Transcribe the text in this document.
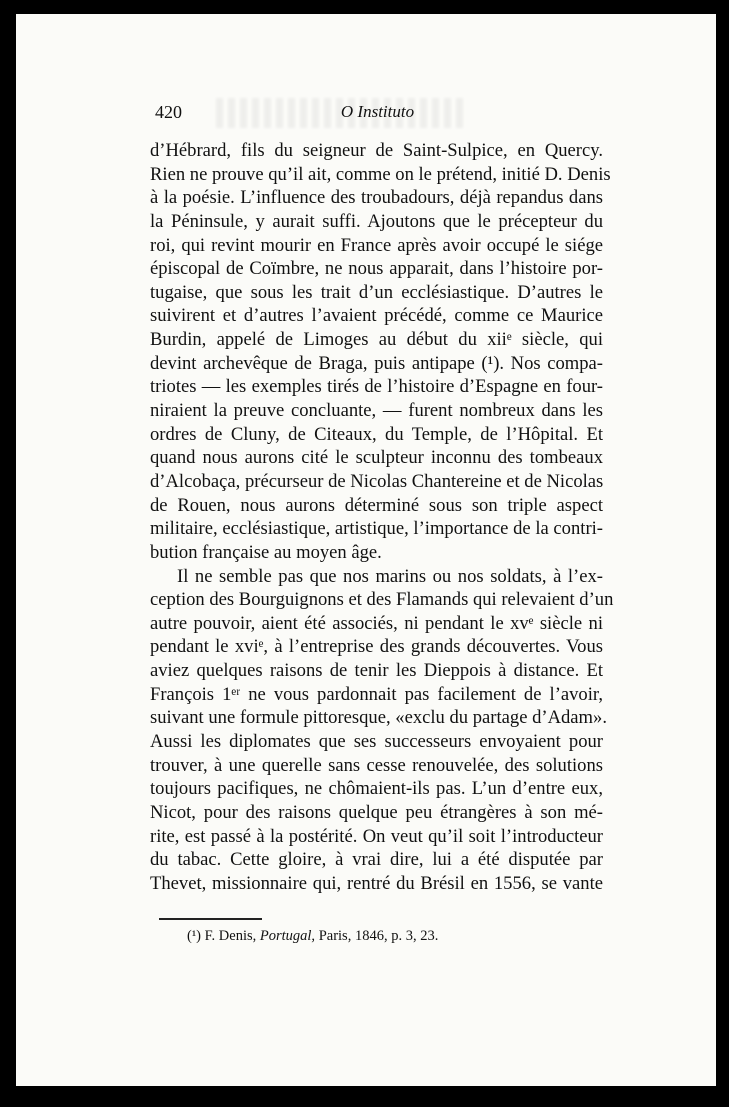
420	O Instituto
d’Hébrard, fils du seigneur de Saint-Sulpice, en Quercy.
Rien ne prouve qu’il ait, comme on le prétend, initié D. Denis
à la poésie. L’influence des troubadours, déjà repandus dans
la Péninsule, y aurait suffi. Ajoutons que le précepteur du
roi, qui revint mourir en France après avoir occupé le siége
épiscopal de Coïmbre, ne nous apparait, dans l’histoire por-
tugaise, que sous les trait d’un ecclésiastique. D’autres le
suivirent et d’autres l’avaient précédé, comme ce Maurice
Burdin, appelé de Limoges au début du xiiᵉ siècle, qui
devint archevêque de Braga, puis antipape (¹). Nos compa-
triotes — les exemples tirés de l’histoire d’Espagne en four-
niraient la preuve concluante, — furent nombreux dans les
ordres de Cluny, de Citeaux, du Temple, de l’Hôpital. Et
quand nous aurons cité le sculpteur inconnu des tombeaux
d’Alcobaça, précurseur de Nicolas Chantereine et de Nicolas
de Rouen, nous aurons déterminé sous son triple aspect
militaire, ecclésiastique, artistique, l’importance de la contri-
bution française au moyen âge.
Il ne semble pas que nos marins ou nos soldats, à l’ex-
ception des Bourguignons et des Flamands qui relevaient d’un
autre pouvoir, aient été associés, ni pendant le xvᵉ siècle ni
pendant le xviᵉ, à l’entreprise des grands découvertes. Vous
aviez quelques raisons de tenir les Dieppois à distance. Et
François 1ᵉʳ ne vous pardonnait pas facilement de l’avoir,
suivant une formule pittoresque, «exclu du partage d’Adam».
Aussi les diplomates que ses successeurs envoyaient pour
trouver, à une querelle sans cesse renouvelée, des solutions
toujours pacifiques, ne chômaient-ils pas. L’un d’entre eux,
Nicot, pour des raisons quelque peu étrangères à son mé-
rite, est passé à la postérité. On veut qu’il soit l’introducteur
du tabac. Cette gloire, à vrai dire, lui a été disputée par
Thevet, missionnaire qui, rentré du Brésil en 1556, se vante
(¹) F. Denis, Portugal, Paris, 1846, p. 3, 23.
